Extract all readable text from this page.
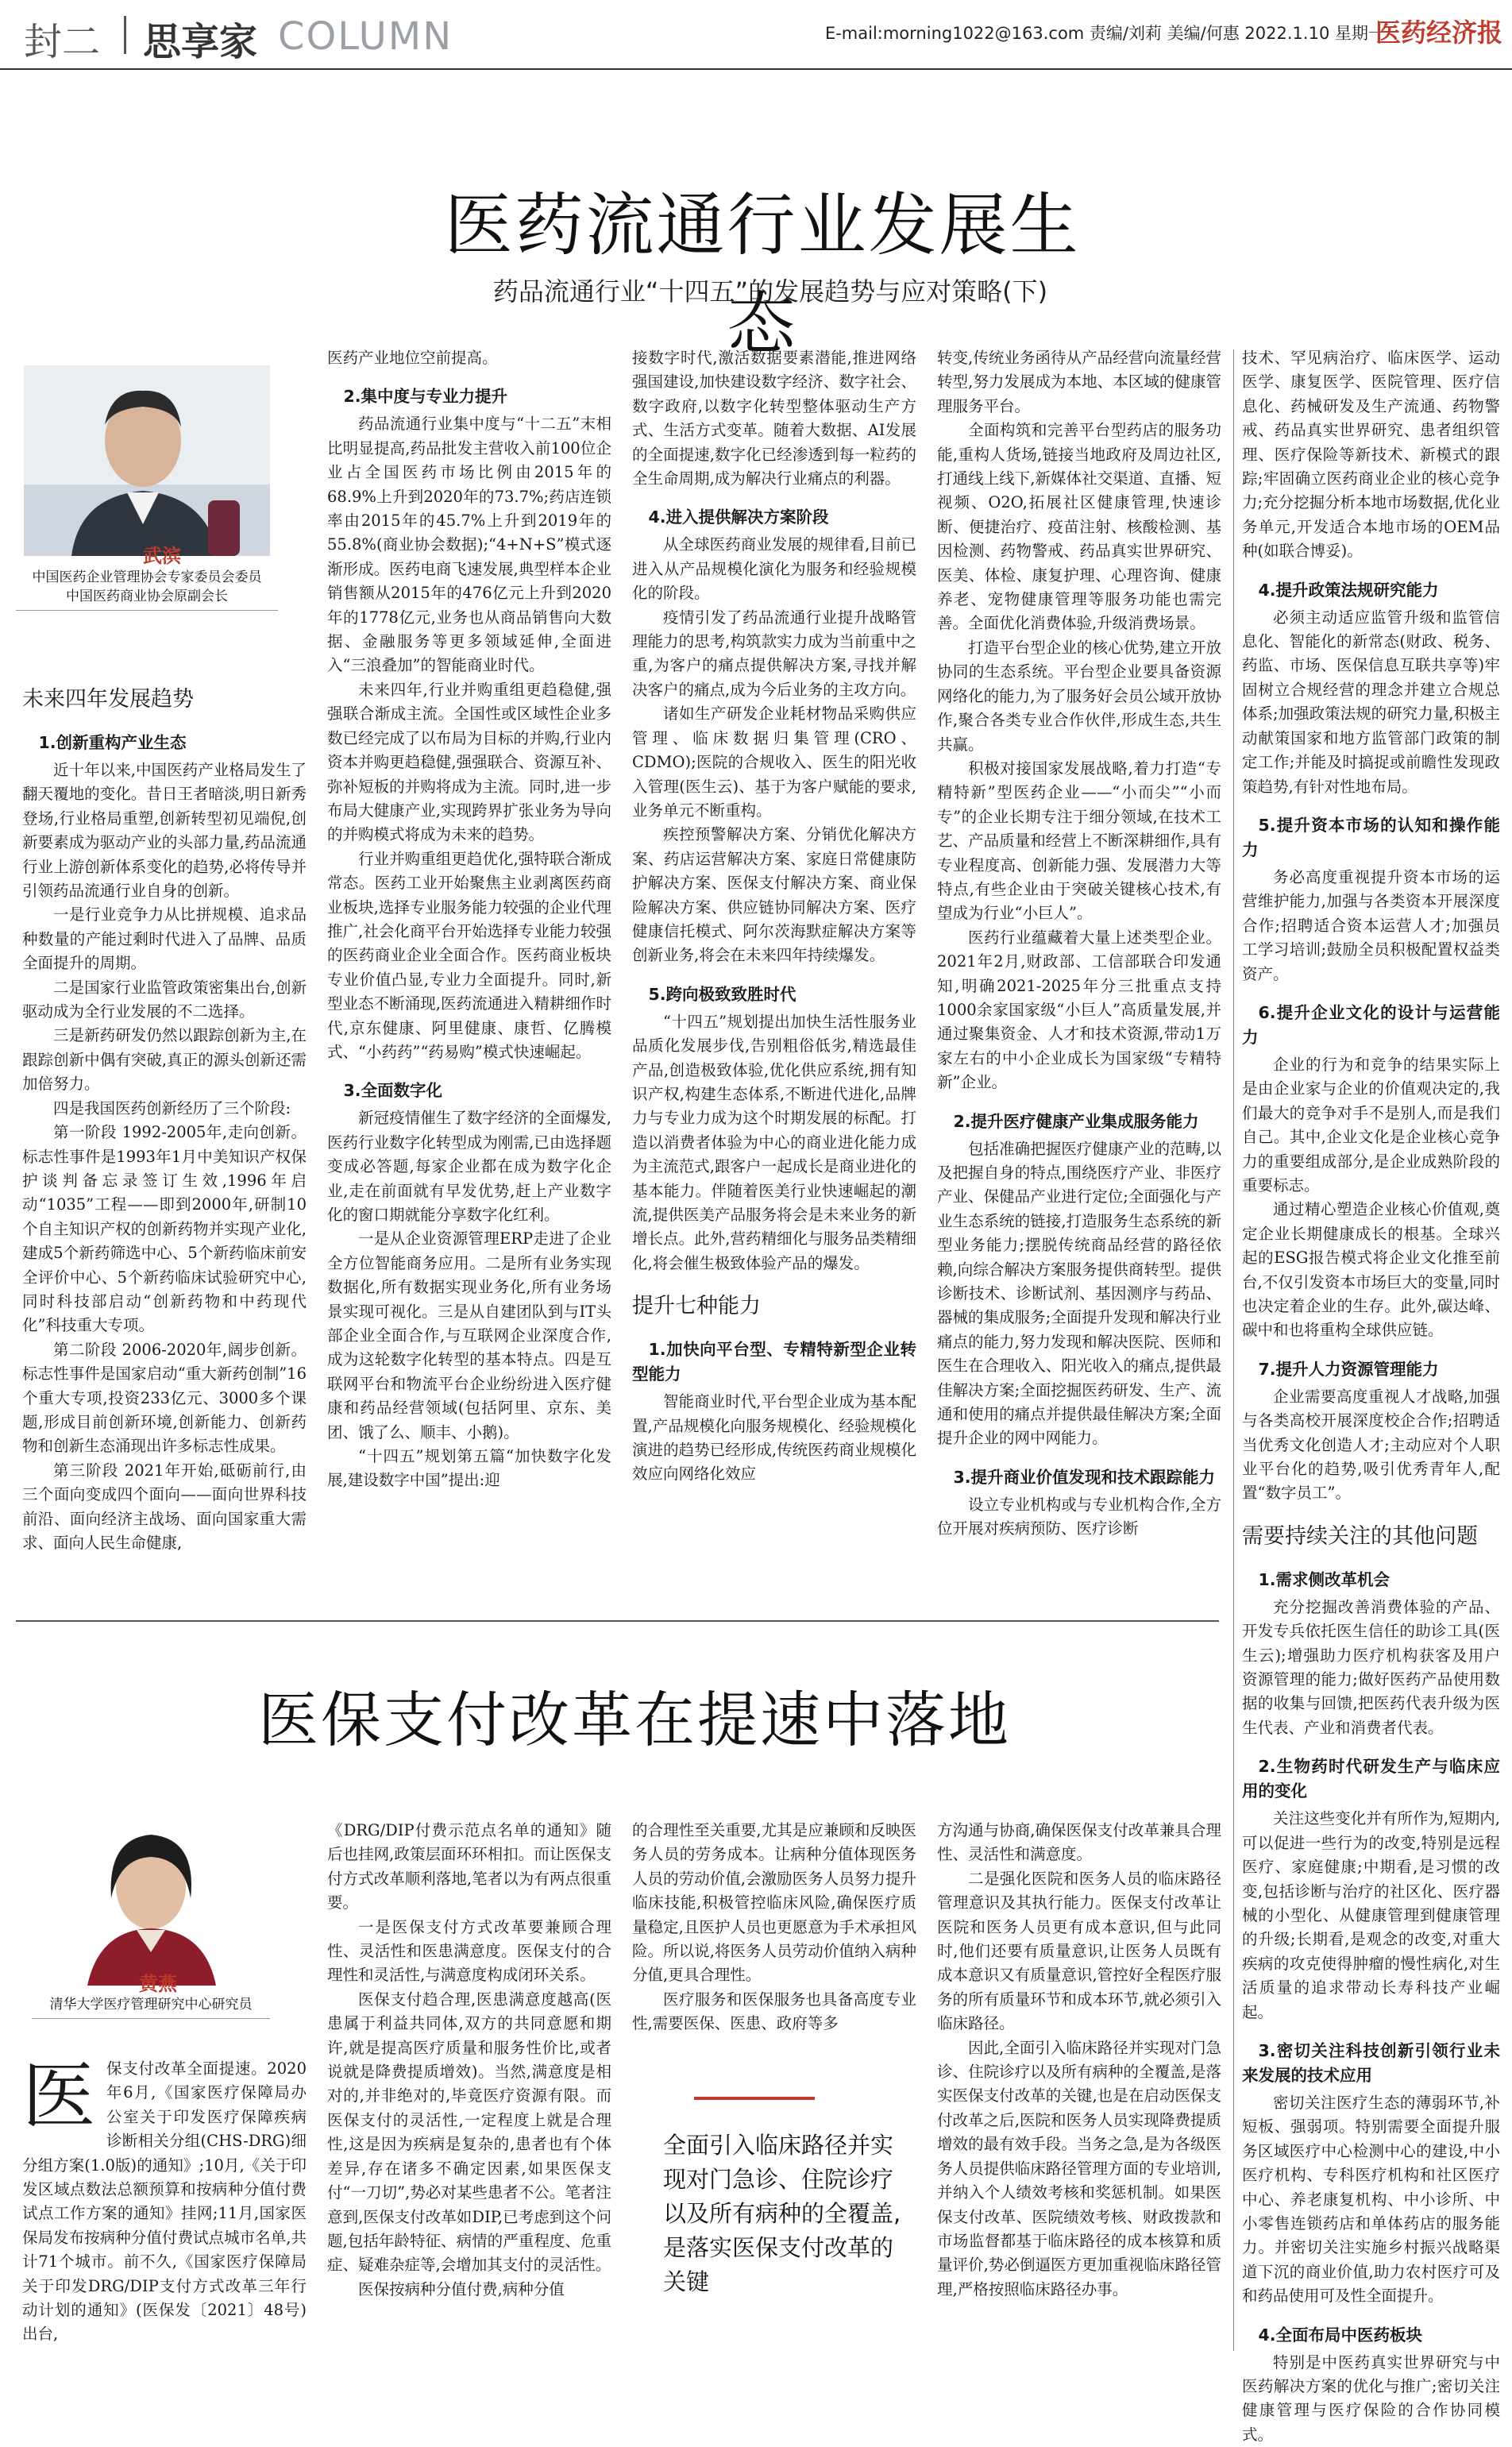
封二 思享家 COLUMN	E-mail:morning1022@163.com 责编/刘莉 美编/何惠 2022.1.10 星期一
医药经济报
医药流通行业发展生态
药品流通行业“十四五”的发展趋势与应对策略(下)
武滨
中国医药企业管理协会专家委员会委员
中国医药商业协会原副会长
未来四年发展趋势
1.创新重构产业生态

近十年以来,中国医药产业格局发生了翻天覆地的变化。昔日王者暗淡,明日新秀登场,行业格局重塑,创新转型初见端倪,创新要素成为驱动产业的头部力量,药品流通行业上游创新体系变化的趋势,必将传导并引领药品流通行业自身的创新。

一是行业竞争力从比拼规模、追求品种数量的产能过剩时代进入了品牌、品质全面提升的周期。

二是国家行业监管政策密集出台,创新驱动成为全行业发展的不二选择。

三是新药研发仍然以跟踪创新为主,在跟踪创新中偶有突破,真正的源头创新还需加倍努力。

四是我国医药创新经历了三个阶段:

第一阶段 1992-2005年,走向创新。标志性事件是1993年1月中美知识产权保护谈判备忘录签订生效,1996年启动“1035”工程——即到2000年,研制10个自主知识产权的创新药物并实现产业化,建成5个新药筛选中心、5个新药临床前安全评价中心、5个新药临床试验研究中心,同时科技部启动“创新药物和中药现代化”科技重大专项。

第二阶段 2006-2020年,阔步创新。标志性事件是国家启动“重大新药创制”16个重大专项,投资233亿元、3000多个课题,形成目前创新环境,创新能力、创新药物和创新生态涌现出许多标志性成果。

第三阶段 2021年开始,砥砺前行,由三个面向变成四个面向——面向世界科技前沿、面向经济主战场、面向国家重大需求、面向人民生命健康,

医药产业地位空前提高。

2.集中度与专业力提升

药品流通行业集中度与“十二五”末相比明显提高,药品批发主营收入前100位企业占全国医药市场比例由2015年的68.9%上升到2020年的73.7%;药店连锁率由2015年的45.7%上升到2019年的55.8%(商业协会数据);“4+N+S”模式逐渐形成。医药电商飞速发展,典型样本企业销售额从2015年的476亿元上升到2020年的1778亿元,业务也从商品销售向大数据、金融服务等更多领域延伸,全面进入“三浪叠加”的智能商业时代。

未来四年,行业并购重组更趋稳健,强强联合渐成主流。全国性或区域性企业多数已经完成了以布局为目标的并购,行业内资本并购更趋稳健,强强联合、资源互补、弥补短板的并购将成为主流。同时,进一步布局大健康产业,实现跨界扩张业务为导向的并购模式将成为未来的趋势。

行业并购重组更趋优化,强特联合渐成常态。医药工业开始聚焦主业剥离医药商业板块,选择专业服务能力较强的企业代理推广,社会化商平台开始选择专业能力较强的医药商业企业全面合作。医药商业板块专业价值凸显,专业力全面提升。同时,新型业态不断涌现,医药流通进入精耕细作时代,京东健康、阿里健康、康哲、亿腾模式、“小药药”“药易购”模式快速崛起。

3.全面数字化

新冠疫情催生了数字经济的全面爆发,医药行业数字化转型成为刚需,已由选择题变成必答题,每家企业都在成为数字化企业,走在前面就有早发优势,赶上产业数字化的窗口期就能分享数字化红利。

一是从企业资源管理ERP走进了企业全方位智能商务应用。二是所有业务实现数据化,所有数据实现业务化,所有业务场景实现可视化。三是从自建团队到与IT头部企业全面合作,与互联网企业深度合作,成为这轮数字化转型的基本特点。四是互联网平台和物流平台企业纷纷进入医疗健康和药品经营领域(包括阿里、京东、美团、饿了么、顺丰、小鹅)。

“十四五”规划第五篇“加快数字化发展,建设数字中国”提出:迎

接数字时代,激活数据要素潜能,推进网络强国建设,加快建设数字经济、数字社会、数字政府,以数字化转型整体驱动生产方式、生活方式变革。随着大数据、AI发展的全面提速,数字化已经渗透到每一粒药的全生命周期,成为解决行业痛点的利器。

4.进入提供解决方案阶段

从全球医药商业发展的规律看,目前已进入从产品规模化演化为服务和经验规模化的阶段。

疫情引发了药品流通行业提升战略管理能力的思考,构筑款实力成为当前重中之重,为客户的痛点提供解决方案,寻找并解决客户的痛点,成为今后业务的主攻方向。

诸如生产研发企业耗材物品采购供应管理、临床数据归集管理(CRO、CDMO);医院的合规收入、医生的阳光收入管理(医生云)、基于为客户赋能的要求,业务单元不断重构。

疾控预警解决方案、分销优化解决方案、药店运营解决方案、家庭日常健康防护解决方案、医保支付解决方案、商业保险解决方案、供应链协同解决方案、医疗健康信托模式、阿尔茨海默症解决方案等创新业务,将会在未来四年持续爆发。

5.跨向极致致胜时代

“十四五”规划提出加快生活性服务业品质化发展步伐,告别粗俗低劣,精选最佳产品,创造极致体验,优化供应系统,拥有知识产权,构建生态体系,不断进代进化,品牌力与专业力成为这个时期发展的标配。打造以消费者体验为中心的商业进化能力成为主流范式,跟客户一起成长是商业进化的基本能力。伴随着医美行业快速崛起的潮流,提供医美产品服务将会是未来业务的新增长点。此外,营药精细化与服务品类精细化,将会催生极致体验产品的爆发。

提升七种能力
1.加快向平台型、专精特新型企业转型能力

智能商业时代,平台型企业成为基本配置,产品规模化向服务规模化、经验规模化演进的趋势已经形成,传统医药商业规模化效应向网络化效应

转变,传统业务函待从产品经营向流量经营转型,努力发展成为本地、本区域的健康管理服务平台。

全面构筑和完善平台型药店的服务功能,重构人货场,链接当地政府及周边社区,打通线上线下,新媒体社交渠道、直播、短视频、O2O,拓展社区健康管理,快速诊断、便捷治疗、疫苗注射、核酸检测、基因检测、药物警戒、药品真实世界研究、医美、体检、康复护理、心理咨询、健康养老、宠物健康管理等服务功能也需完善。全面优化消费体验,升级消费场景。

打造平台型企业的核心优势,建立开放协同的生态系统。平台型企业要具备资源网络化的能力,为了服务好会员公域开放协作,聚合各类专业合作伙伴,形成生态,共生共赢。

积极对接国家发展战略,着力打造“专精特新”型医药企业——“小而尖”“小而专”的企业长期专注于细分领域,在技术工艺、产品质量和经营上不断深耕细作,具有专业程度高、创新能力强、发展潜力大等特点,有些企业由于突破关键核心技术,有望成为行业“小巨人”。

医药行业蕴藏着大量上述类型企业。2021年2月,财政部、工信部联合印发通知,明确2021-2025年分三批重点支持1000余家国家级“小巨人”高质量发展,并通过聚集资金、人才和技术资源,带动1万家左右的中小企业成长为国家级“专精特新”企业。

2.提升医疗健康产业集成服务能力

包括准确把握医疗健康产业的范畴,以及把握自身的特点,围绕医疗产业、非医疗产业、保健品产业进行定位;全面强化与产业生态系统的链接,打造服务生态系统的新型业务能力;摆脱传统商品经营的路径依赖,向综合解决方案服务提供商转型。提供诊断技术、诊断试剂、基因测序与药品、器械的集成服务;全面提升发现和解决行业痛点的能力,努力发现和解决医院、医师和医生在合理收入、阳光收入的痛点,提供最佳解决方案;全面挖掘医药研发、生产、流通和使用的痛点并提供最佳解决方案;全面提升企业的网中网能力。

3.提升商业价值发现和技术跟踪能力

设立专业机构或与专业机构合作,全方位开展对疾病预防、医疗诊断

技术、罕见病治疗、临床医学、运动医学、康复医学、医院管理、医疗信息化、药械研发及生产流通、药物警戒、药品真实世界研究、患者组织管理、医疗保险等新技术、新模式的跟踪;牢固确立医药商业企业的核心竞争力;充分挖掘分析本地市场数据,优化业务单元,开发适合本地市场的OEM品种(如联合博妥)。

4.提升政策法规研究能力

必须主动适应监管升级和监管信息化、智能化的新常态(财政、税务、药监、市场、医保信息互联共享等)牢固树立合规经营的理念并建立合规总体系;加强政策法规的研究力量,积极主动献策国家和地方监管部门政策的制定工作;并能及时搞捉或前瞻性发现政策趋势,有针对性地布局。

5.提升资本市场的认知和操作能力

务必高度重视提升资本市场的运营维护能力,加强与各类资本开展深度合作;招聘适合资本运营人才;加强员工学习培训;鼓励全员积极配置权益类资产。

6.提升企业文化的设计与运营能力

企业的行为和竞争的结果实际上是由企业家与企业的价值观决定的,我们最大的竞争对手不是别人,而是我们自己。其中,企业文化是企业核心竞争力的重要组成部分,是企业成熟阶段的重要标志。

通过精心塑造企业核心价值观,奠定企业长期健康成长的根基。全球兴起的ESG报告模式将企业文化推至前台,不仅引发资本市场巨大的变量,同时也决定着企业的生存。此外,碳达峰、碳中和也将重构全球供应链。

7.提升人力资源管理能力

企业需要高度重视人才战略,加强与各类高校开展深度校企合作;招聘适当优秀文化创造人才;主动应对个人职业平台化的趋势,吸引优秀青年人,配置“数字员工”。

需要持续关注的其他问题
1.需求侧改革机会

充分挖掘改善消费体验的产品、开发专兵依托医生信任的助诊工具(医生云);增强助力医疗机构获客及用户资源管理的能力;做好医药产品使用数据的收集与回馈,把医药代表升级为医生代表、产业和消费者代表。

2.生物药时代研发生产与临床应用的变化

关注这些变化并有所作为,短期内,可以促进一些行为的改变,特别是远程医疗、家庭健康;中期看,是习惯的改变,包括诊断与治疗的社区化、医疗器械的小型化、从健康管理到健康管理的升级;长期看,是观念的改变,对重大疾病的攻克使得肿瘤的慢性病化,对生活质量的追求带动长寿科技产业崛起。

3.密切关注科技创新引领行业未来发展的技术应用

密切关注医疗生态的薄弱环节,补短板、强弱项。特别需要全面提升服务区域医疗中心检测中心的建设,中小医疗机构、专科医疗机构和社区医疗中心、养老康复机构、中小诊所、中小零售连锁药店和单体药店的服务能力。并密切关注实施乡村振兴战略渠道下沉的商业价值,助力农村医疗可及和药品使用可及性全面提升。

4.全面布局中医药板块

特别是中医药真实世界研究与中医药解决方案的优化与推广;密切关注健康管理与医疗保险的合作协同模式。

医保支付改革在提速中落地
黄燕
清华大学医疗管理研究中心研究员
医 保支付改革全面提速。2020年6月,《国家医疗保障局办公室关于印发医疗保障疾病诊断相关分组(CHS-DRG)细分组方案(1.0版)的通知》;10月,《关于印发区域点数法总额预算和按病种分值付费试点工作方案的通知》挂网;11月,国家医保局发布按病种分值付费试点城市名单,共计71个城市。前不久,《国家医疗保障局关于印发DRG/DIP支付方式改革三年行动计划的通知》(医保发〔2021〕48号)出台,

《DRG/DIP付费示范点名单的通知》随后也挂网,政策层面环环相扣。而让医保支付方式改革顺利落地,笔者以为有两点很重要。

一是医保支付方式改革要兼顾合理性、灵活性和医患满意度。医保支付的合理性和灵活性,与满意度构成闭环关系。

医保支付趋合理,医患满意度越高(医患属于利益共同体,双方的共同意愿和期许,就是提高医疗质量和服务性价比,或者说就是降费提质增效)。当然,满意度是相对的,并非绝对的,毕竟医疗资源有限。而医保支付的灵活性,一定程度上就是合理性,这是因为疾病是复杂的,患者也有个体差异,存在诸多不确定因素,如果医保支付“一刀切”,势必对某些患者不公。笔者注意到,医保支付改革如DIP,已考虑到这个问题,包括年龄特征、病情的严重程度、危重症、疑难杂症等,会增加其支付的灵活性。

医保按病种分值付费,病种分值

的合理性至关重要,尤其是应兼顾和反映医务人员的劳务成本。让病种分值体现医务人员的劳动价值,会激励医务人员努力提升临床技能,积极管控临床风险,确保医疗质量稳定,且医护人员也更愿意为手术承担风险。所以说,将医务人员劳动价值纳入病种分值,更具合理性。

医疗服务和医保服务也具备高度专业性,需要医保、医患、政府等多

方沟通与协商,确保医保支付改革兼具合理性、灵活性和满意度。

二是强化医院和医务人员的临床路径管理意识及其执行能力。医保支付改革让医院和医务人员更有成本意识,但与此同时,他们还要有质量意识,让医务人员既有成本意识又有质量意识,管控好全程医疗服务的所有质量环节和成本环节,就必须引入临床路径。

因此,全面引入临床路径并实现对门急诊、住院诊疗以及所有病种的全覆盖,是落实医保支付改革的关键,也是在启动医保支付改革之后,医院和医务人员实现降费提质增效的最有效手段。当务之急,是为各级医务人员提供临床路径管理方面的专业培训,并纳入个人绩效考核和奖惩机制。如果医保支付改革、医院绩效考核、财政拨款和市场监督都基于临床路径的成本核算和质量评价,势必倒逼医方更加重视临床路径管理,严格按照临床路径办事。

全面引入临床路径并实现对门急诊、住院诊疗以及所有病种的全覆盖,是落实医保支付改革的关键
